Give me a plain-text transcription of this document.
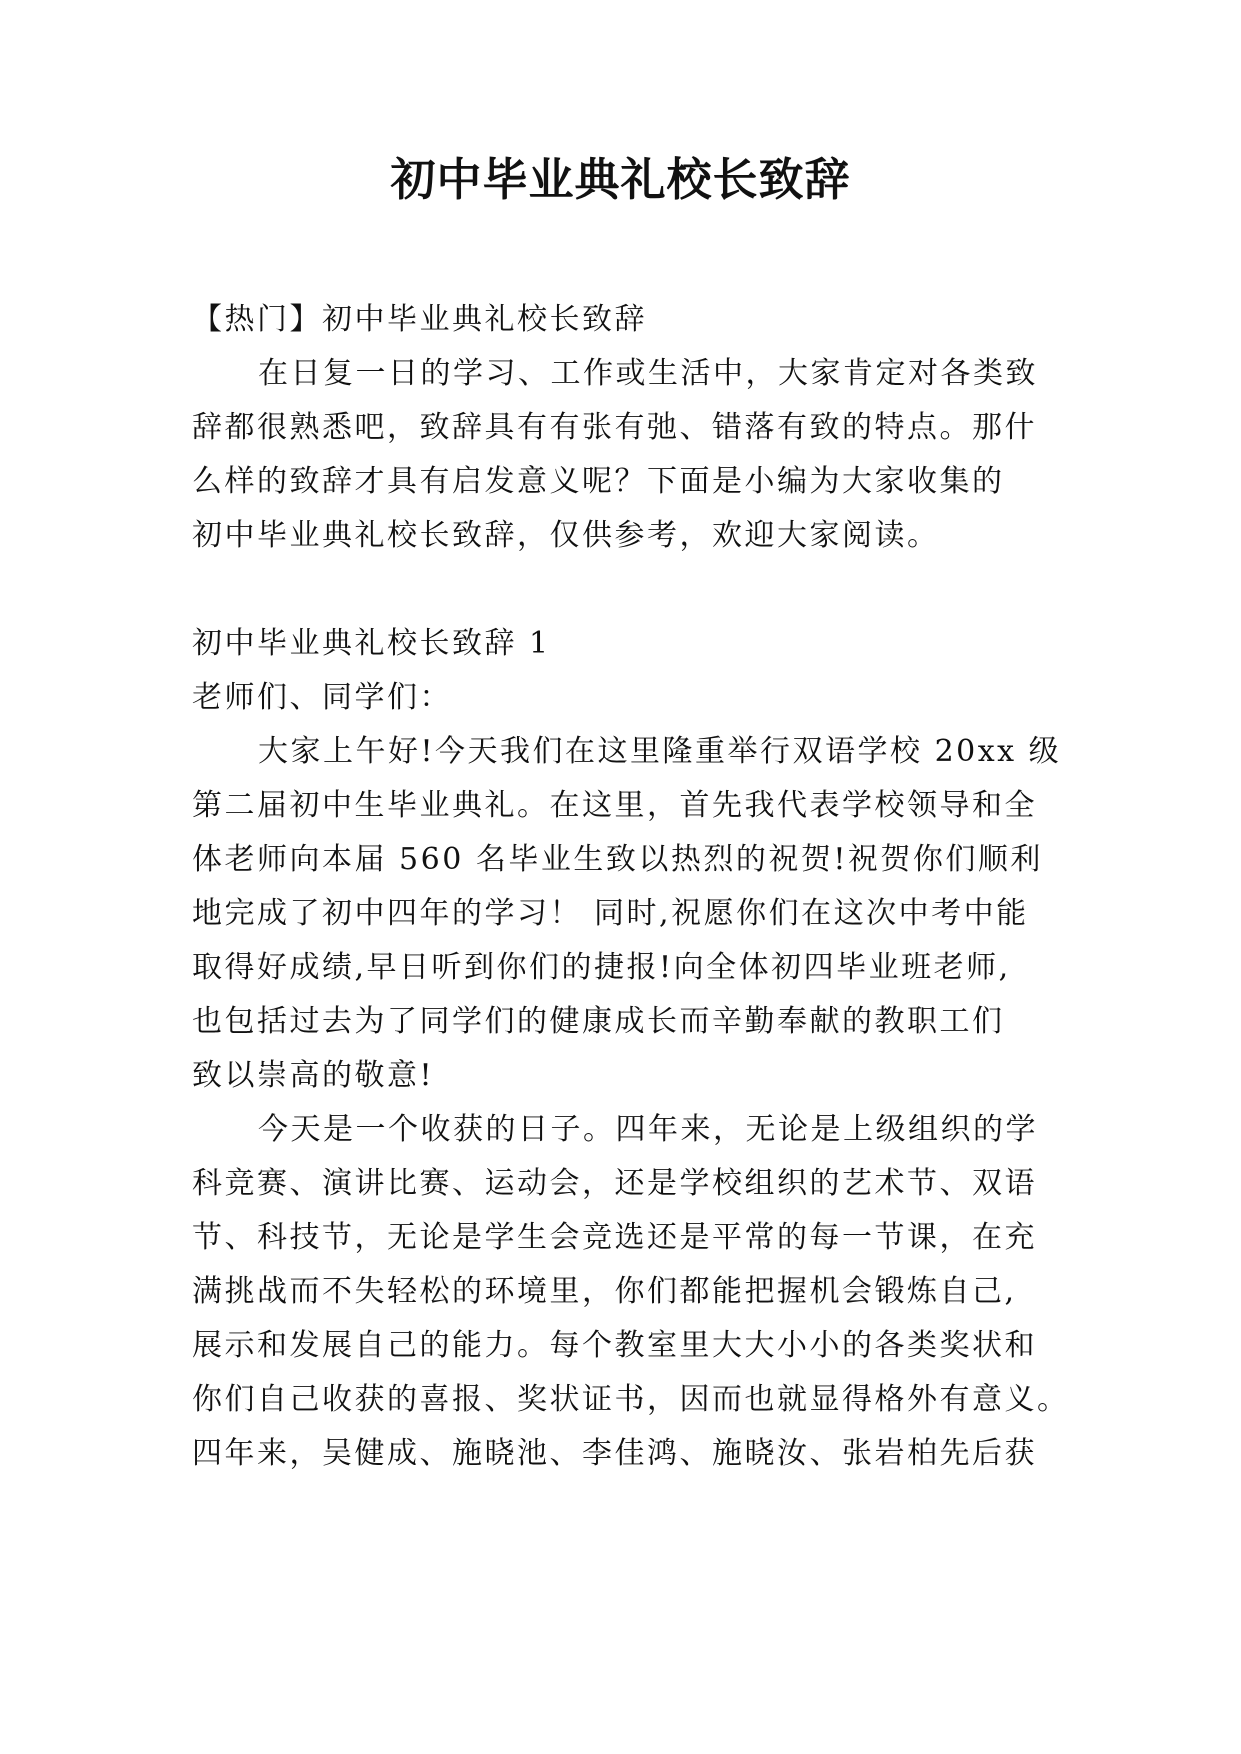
初中毕业典礼校长致辞
【热门】初中毕业典礼校长致辞
在日复一日的学习、工作或生活中，大家肯定对各类致
辞都很熟悉吧，致辞具有有张有弛、错落有致的特点。那什
么样的致辞才具有启发意义呢？下面是小编为大家收集的
初中毕业典礼校长致辞，仅供参考，欢迎大家阅读。
初中毕业典礼校长致辞 1
老师们、同学们：
大家上午好!今天我们在这里隆重举行双语学校 20xx 级
第二届初中生毕业典礼。在这里，首先我代表学校领导和全
体老师向本届 560 名毕业生致以热烈的祝贺!祝贺你们顺利
地完成了初中四年的学习！ 同时,祝愿你们在这次中考中能
取得好成绩,早日听到你们的捷报!向全体初四毕业班老师,
也包括过去为了同学们的健康成长而辛勤奉献的教职工们
致以崇高的敬意!
今天是一个收获的日子。四年来，无论是上级组织的学
科竞赛、演讲比赛、运动会，还是学校组织的艺术节、双语
节、科技节，无论是学生会竞选还是平常的每一节课，在充
满挑战而不失轻松的环境里，你们都能把握机会锻炼自己,
展示和发展自己的能力。每个教室里大大小小的各类奖状和
你们自己收获的喜报、奖状证书，因而也就显得格外有意义。
四年来，吴健成、施晓池、李佳鸿、施晓汝、张岩柏先后获
